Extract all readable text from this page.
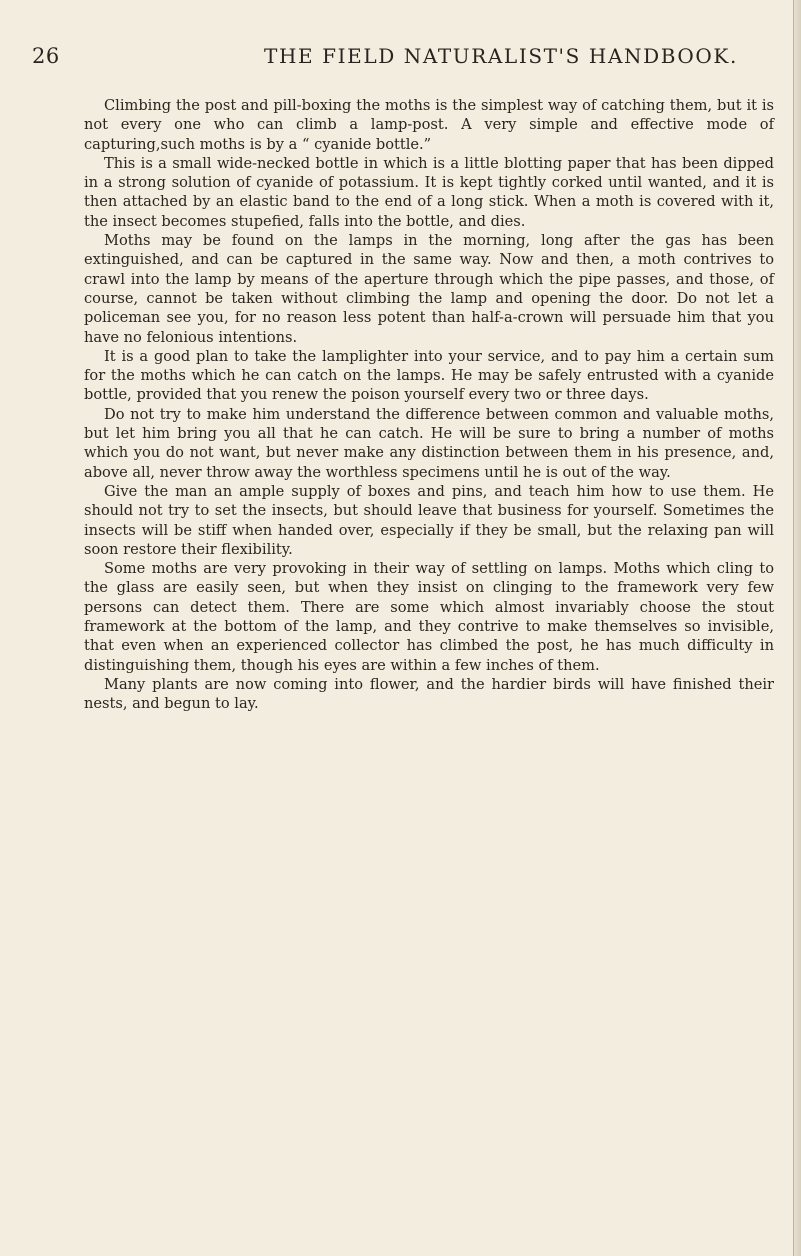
26	THE FIELD NATURALIST'S HANDBOOK.

Climbing the post and pill-boxing the moths is the simplest way of catching them, but it is not every one who can climb a lamp-post. A very simple and effective mode of capturing,such moths is by a “ cyanide bottle.”

This is a small wide-necked bottle in which is a little blotting paper that has been dipped in a strong solution of cyanide of potassium. It is kept tightly corked until wanted, and it is then attached by an elastic band to the end of a long stick. When a moth is covered with it, the insect becomes stupefied, falls into the bottle, and dies.

Moths may be found on the lamps in the morning, long after the gas has been extinguished, and can be captured in the same way. Now and then, a moth contrives to crawl into the lamp by means of the aperture through which the pipe passes, and those, of course, cannot be taken without climbing the lamp and opening the door. Do not let a policeman see you, for no reason less potent than half-a-crown will persuade him that you have no felonious intentions.

It is a good plan to take the lamplighter into your service, and to pay him a certain sum for the moths which he can catch on the lamps. He may be safely entrusted with a cyanide bottle, provided that you renew the poison yourself every two or three days.

Do not try to make him understand the difference between common and valuable moths, but let him bring you all that he can catch. He will be sure to bring a number of moths which you do not want, but never make any distinction between them in his presence, and, above all, never throw away the worthless specimens until he is out of the way.

Give the man an ample supply of boxes and pins, and teach him how to use them. He should not try to set the insects, but should leave that business for yourself. Sometimes the insects will be stiff when handed over, especially if they be small, but the relaxing pan will soon restore their flexibility.

Some moths are very provoking in their way of settling on lamps. Moths which cling to the glass are easily seen, but when they insist on clinging to the framework very few persons can detect them. There are some which almost invariably choose the stout framework at the bottom of the lamp, and they contrive to make themselves so invisible, that even when an experienced collector has climbed the post, he has much difficulty in distinguishing them, though his eyes are within a few inches of them.

Many plants are now coming into flower, and the hardier birds will have finished their nests, and begun to lay.
